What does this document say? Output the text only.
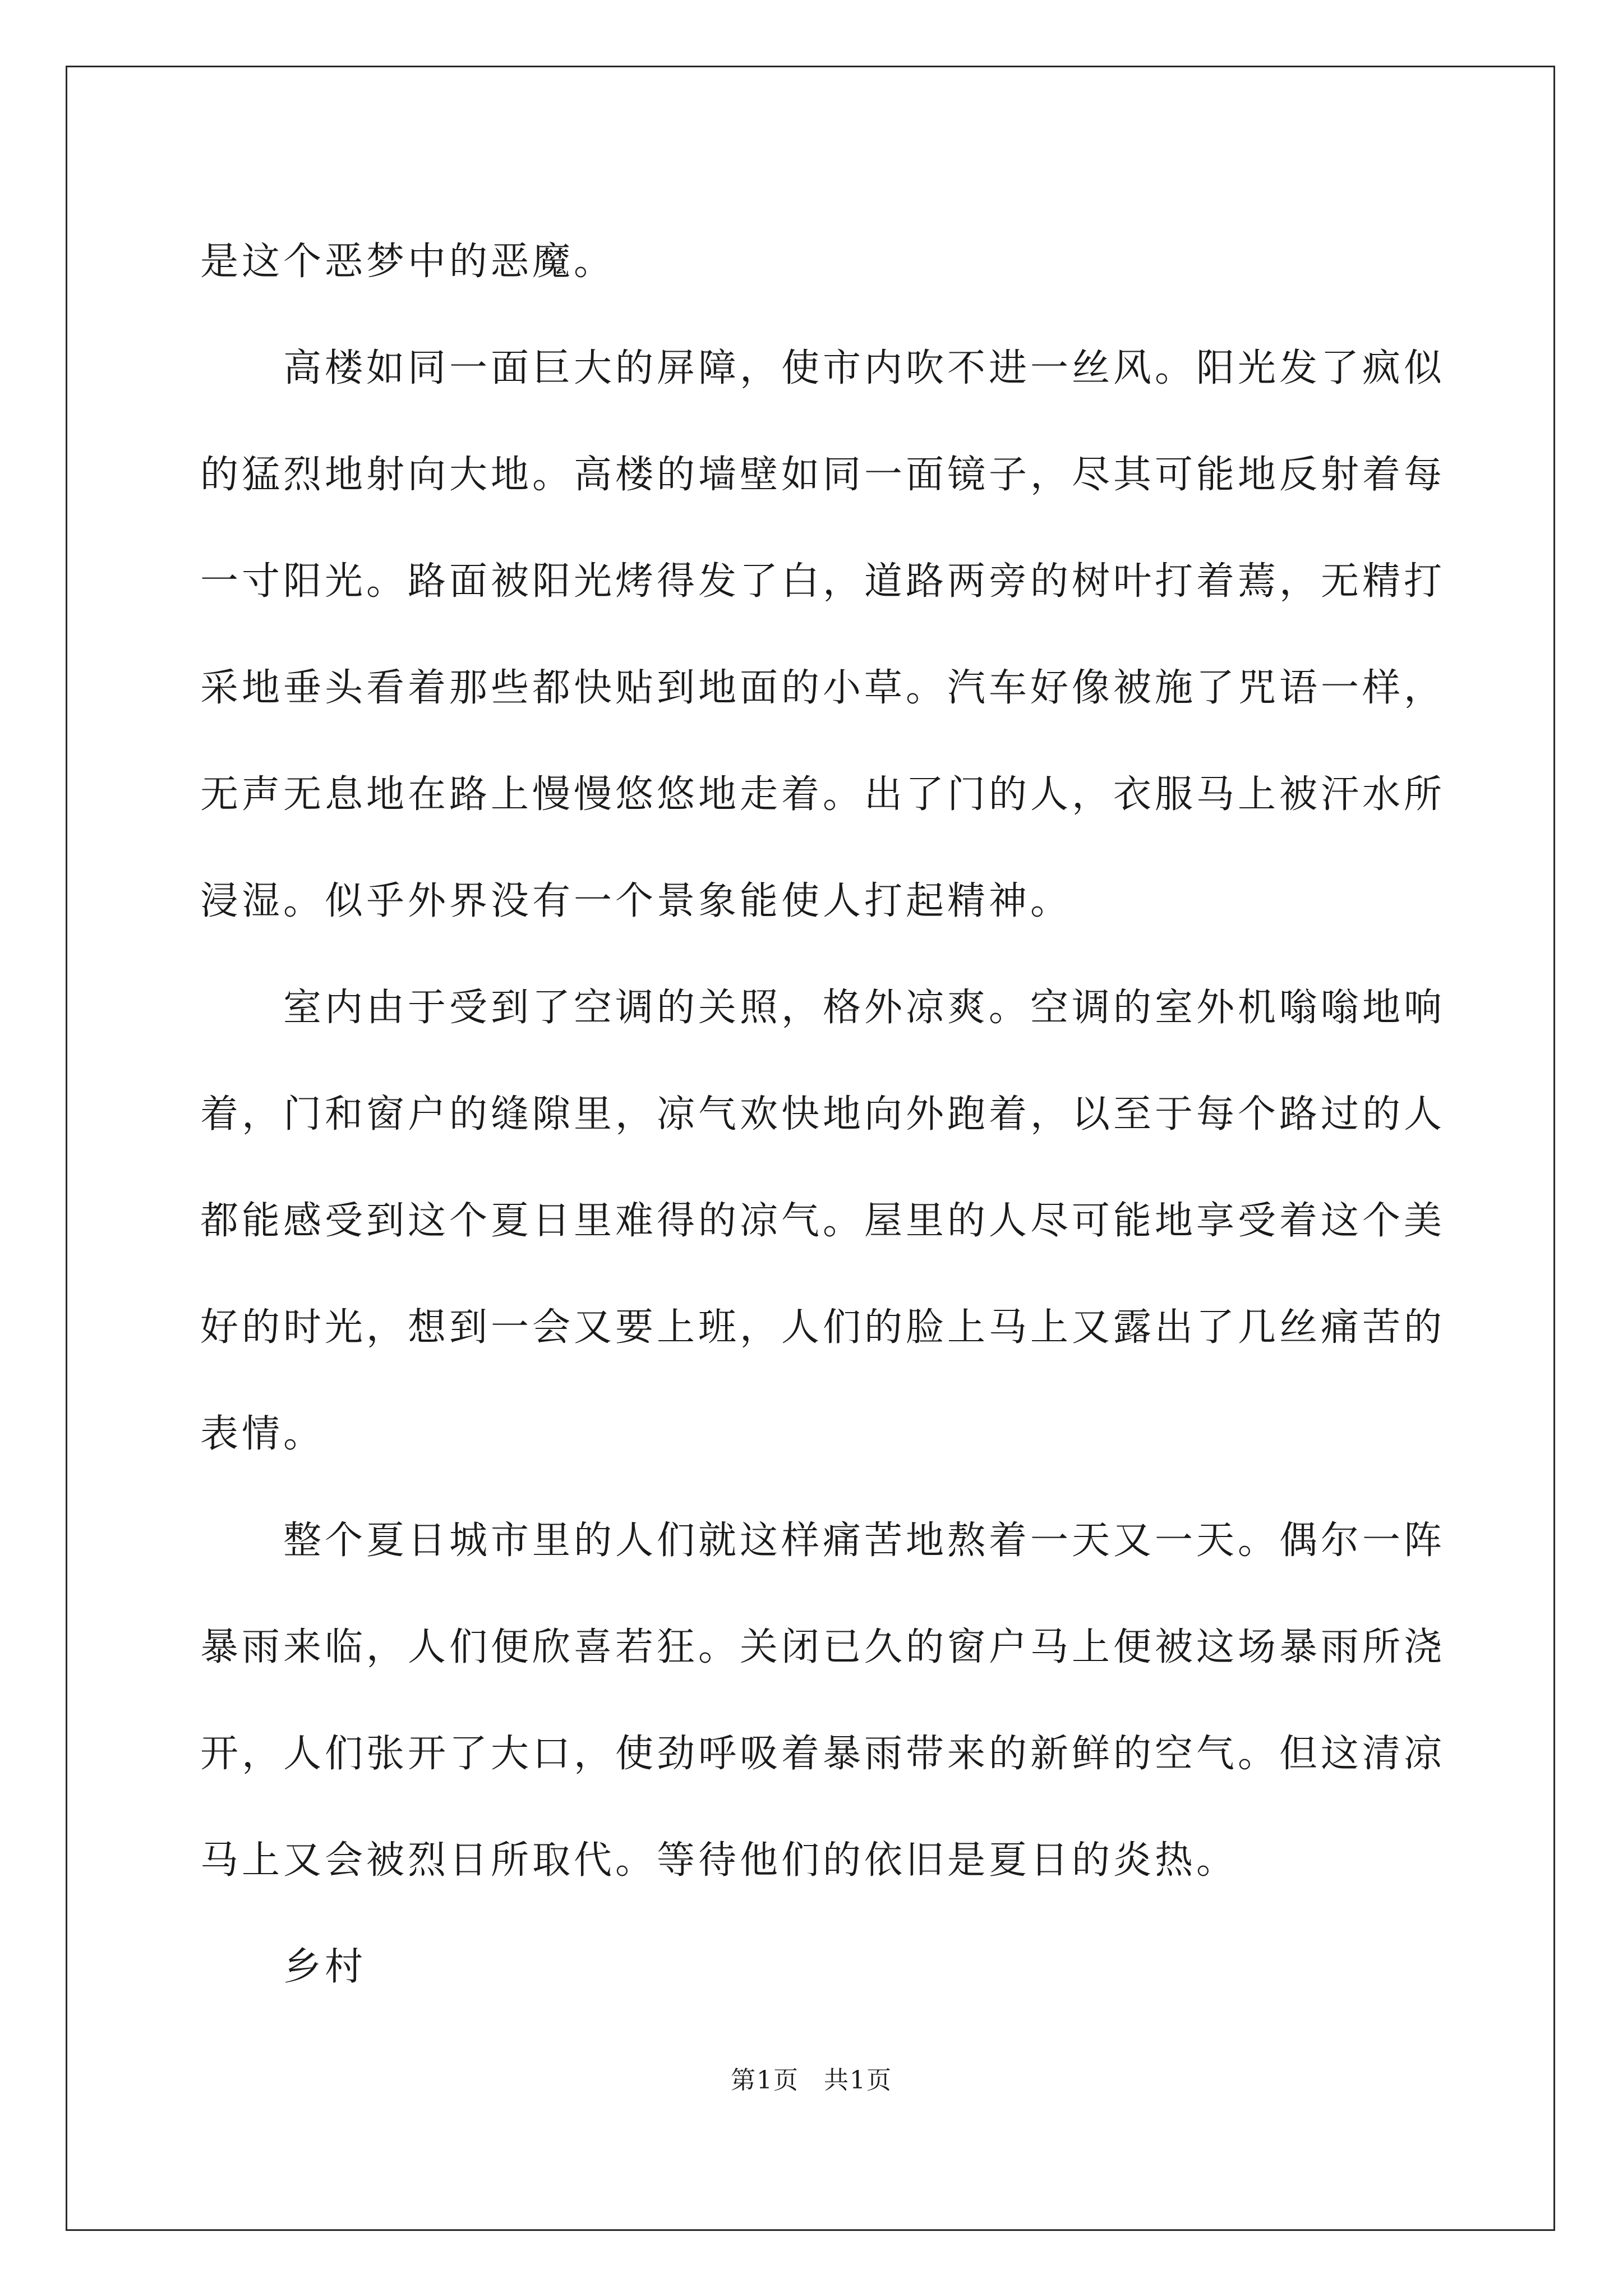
是这个恶梦中的恶魔。
高楼如同一面巨大的屏障，使市内吹不进一丝风。阳光发了疯似
的猛烈地射向大地。高楼的墙壁如同一面镜子，尽其可能地反射着每
一寸阳光。路面被阳光烤得发了白，道路两旁的树叶打着蔫，无精打
采地垂头看着那些都快贴到地面的小草。汽车好像被施了咒语一样，
无声无息地在路上慢慢悠悠地走着。出了门的人，衣服马上被汗水所
浸湿。似乎外界没有一个景象能使人打起精神。
室内由于受到了空调的关照，格外凉爽。空调的室外机嗡嗡地响
着，门和窗户的缝隙里，凉气欢快地向外跑着，以至于每个路过的人
都能感受到这个夏日里难得的凉气。屋里的人尽可能地享受着这个美
好的时光，想到一会又要上班，人们的脸上马上又露出了几丝痛苦的
表情。
整个夏日城市里的人们就这样痛苦地熬着一天又一天。偶尔一阵
暴雨来临，人们便欣喜若狂。关闭已久的窗户马上便被这场暴雨所浇
开，人们张开了大口，使劲呼吸着暴雨带来的新鲜的空气。但这清凉
马上又会被烈日所取代。等待他们的依旧是夏日的炎热。
乡村
第1页 共1页
